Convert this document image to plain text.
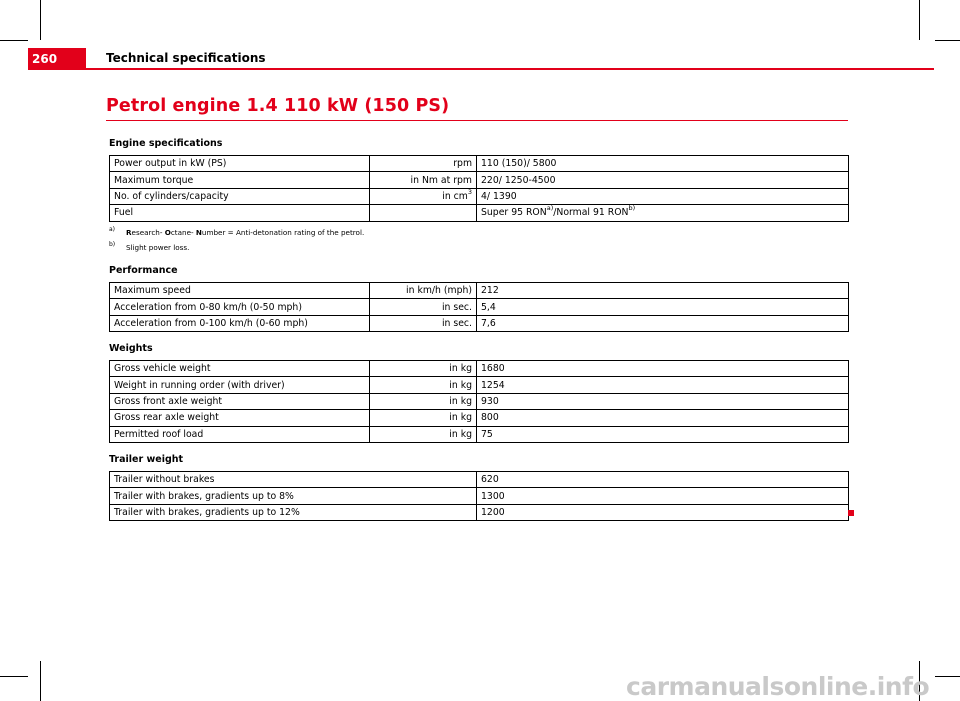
260	Technical specifications
Petrol engine 1.4 110 kW (150 PS)
Engine specifications
Power output in kW (PS)	rpm	110 (150)/ 5800
Maximum torque	in Nm at rpm	220/ 1250-4500
No. of cylinders/capacity	in $cm^3$	4/ 1390
Fuel		Super 95 RON$^{a)}$/Normal 91 RON$^{b)}$
a)	Research- Octane- Number = Anti-detonation rating of the petrol.
b)	Slight power loss.
Performance
Maximum speed	in km/h (mph)	212
Acceleration from 0-80 km/h (0-50 mph)	in sec.	5,4
Acceleration from 0-100 km/h (0-60 mph)	in sec.	7,6
Weights
Gross vehicle weight	in kg	1680
Weight in running order (with driver)	in kg	1254
Gross front axle weight	in kg	930
Gross rear axle weight	in kg	800
Permitted roof load	in kg	75
Trailer weight
Trailer without brakes	620
Trailer with brakes, gradients up to 8%	1300
Trailer with brakes, gradients up to 12%	1200
carmanualsonline.info
